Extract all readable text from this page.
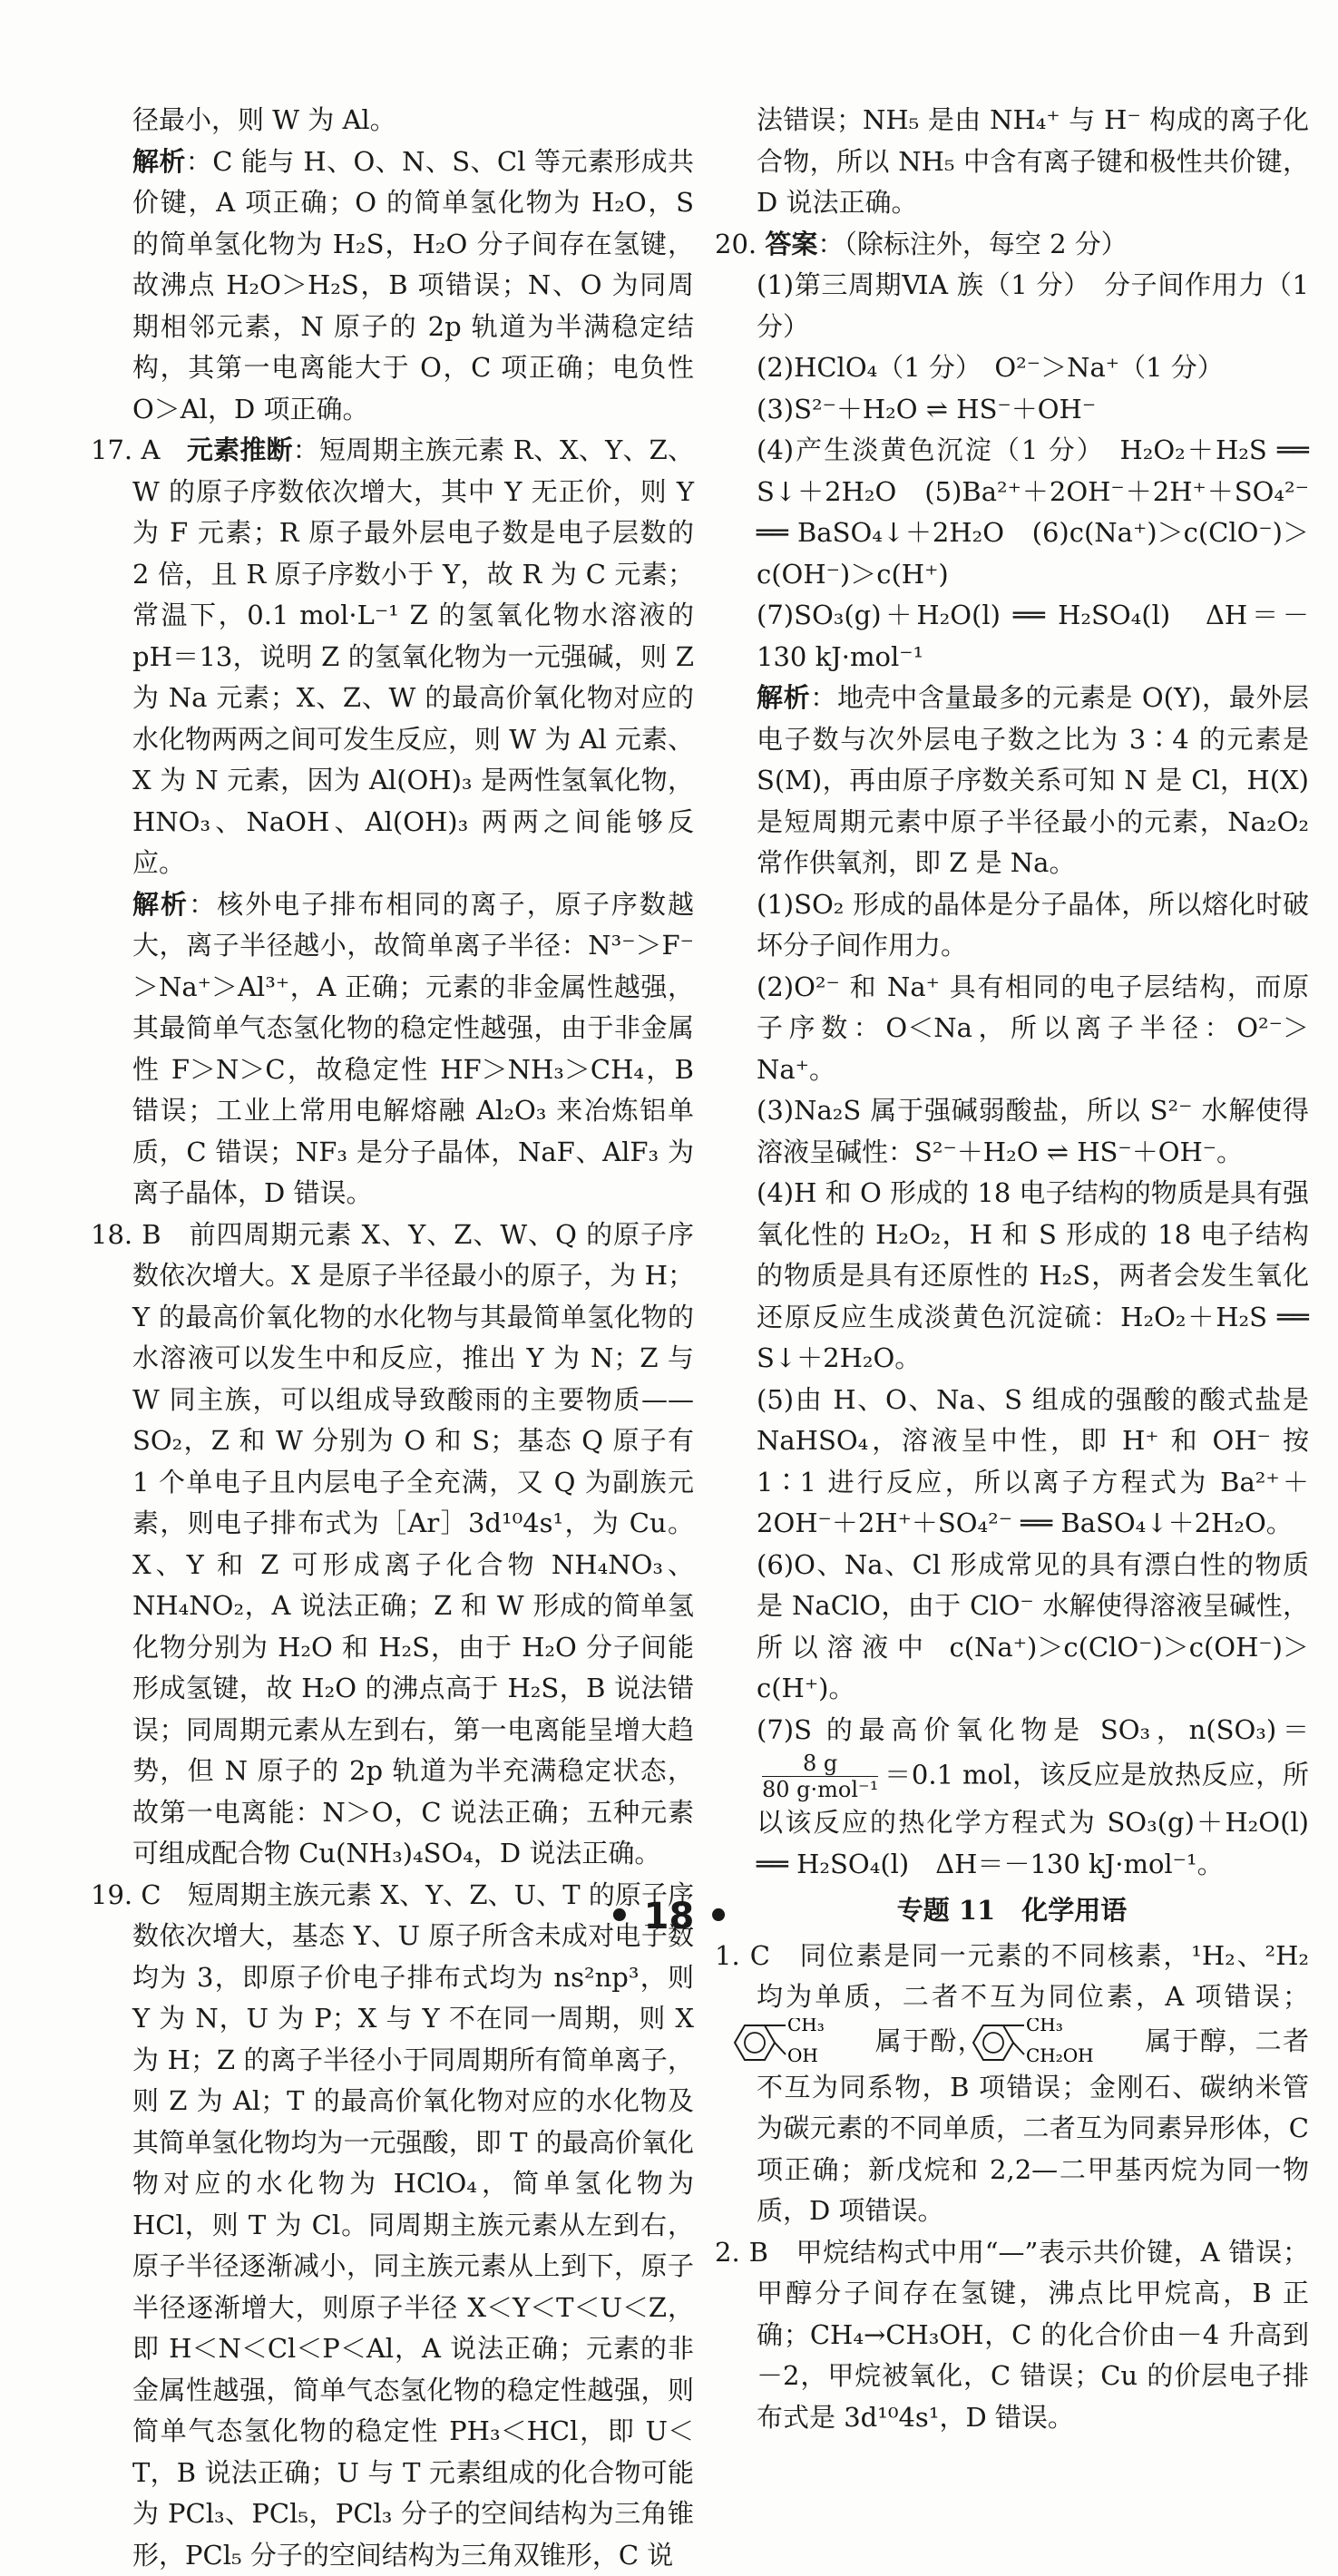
径最小，则 W 为 Al。

解析：C 能与 H、O、N、S、Cl 等元素形成共价键，A 项正确；O 的简单氢化物为 H₂O，S 的简单氢化物为 H₂S，H₂O 分子间存在氢键，故沸点 H₂O＞H₂S，B 项错误；N、O 为同周期相邻元素，N 原子的 2p 轨道为半满稳定结构，其第一电离能大于 O，C 项正确；电负性 O＞Al，D 项正确。

17. A　元素推断：短周期主族元素 R、X、Y、Z、W 的原子序数依次增大，其中 Y 无正价，则 Y 为 F 元素；R 原子最外层电子数是电子层数的 2 倍，且 R 原子序数小于 Y，故 R 为 C 元素；常温下，0.1 mol·L⁻¹ Z 的氢氧化物水溶液的 pH＝13，说明 Z 的氢氧化物为一元强碱，则 Z 为 Na 元素；X、Z、W 的最高价氧化物对应的水化物两两之间可发生反应，则 W 为 Al 元素、X 为 N 元素，因为 Al(OH)₃ 是两性氢氧化物，HNO₃、NaOH、Al(OH)₃ 两两之间能够反应。

解析：核外电子排布相同的离子，原子序数越大，离子半径越小，故简单离子半径：N³⁻＞F⁻＞Na⁺＞Al³⁺，A 正确；元素的非金属性越强，其最简单气态氢化物的稳定性越强，由于非金属性 F＞N＞C，故稳定性 HF＞NH₃＞CH₄，B 错误；工业上常用电解熔融 Al₂O₃ 来冶炼铝单质，C 错误；NF₃ 是分子晶体，NaF、AlF₃ 为离子晶体，D 错误。

18. B　前四周期元素 X、Y、Z、W、Q 的原子序数依次增大。X 是原子半径最小的原子，为 H；Y 的最高价氧化物的水化物与其最简单氢化物的水溶液可以发生中和反应，推出 Y 为 N；Z 与 W 同主族，可以组成导致酸雨的主要物质——SO₂，Z 和 W 分别为 O 和 S；基态 Q 原子有 1 个单电子且内层电子全充满，又 Q 为副族元素，则电子排布式为［Ar］3d¹⁰4s¹，为 Cu。X、Y 和 Z 可形成离子化合物 NH₄NO₃、NH₄NO₂，A 说法正确；Z 和 W 形成的简单氢化物分别为 H₂O 和 H₂S，由于 H₂O 分子间能形成氢键，故 H₂O 的沸点高于 H₂S，B 说法错误；同周期元素从左到右，第一电离能呈增大趋势，但 N 原子的 2p 轨道为半充满稳定状态，故第一电离能：N＞O，C 说法正确；五种元素可组成配合物 Cu(NH₃)₄SO₄，D 说法正确。

19. C　短周期主族元素 X、Y、Z、U、T 的原子序数依次增大，基态 Y、U 原子所含未成对电子数均为 3，即原子价电子排布式均为 ns²np³，则 Y 为 N，U 为 P；X 与 Y 不在同一周期，则 X 为 H；Z 的离子半径小于同周期所有简单离子，则 Z 为 Al；T 的最高价氧化物对应的水化物及其简单氢化物均为一元强酸，即 T 的最高价氧化物对应的水化物为 HClO₄，简单氢化物为 HCl，则 T 为 Cl。同周期主族元素从左到右，原子半径逐渐减小，同主族元素从上到下，原子半径逐渐增大，则原子半径 X＜Y＜T＜U＜Z，即 H＜N＜Cl＜P＜Al，A 说法正确；元素的非金属性越强，简单气态氢化物的稳定性越强，则简单气态氢化物的稳定性 PH₃＜HCl，即 U＜T，B 说法正确；U 与 T 元素组成的化合物可能为 PCl₃、PCl₅，PCl₃ 分子的空间结构为三角锥形，PCl₅ 分子的空间结构为三角双锥形，C 说

法错误；NH₅ 是由 NH₄⁺ 与 H⁻ 构成的离子化合物，所以 NH₅ 中含有离子键和极性共价键，D 说法正确。

20. 答案：（除标注外，每空 2 分）

(1)第三周期ⅥA 族（1 分）　分子间作用力（1 分）

(2)HClO₄（1 分）　O²⁻＞Na⁺（1 分）

(3)S²⁻＋H₂O ⇌ HS⁻＋OH⁻

(4)产生淡黄色沉淀（1 分）　H₂O₂＋H₂S ══ S↓＋2H₂O　(5)Ba²⁺＋2OH⁻＋2H⁺＋SO₄²⁻ ══ BaSO₄↓＋2H₂O　(6)c(Na⁺)＞c(ClO⁻)＞c(OH⁻)＞c(H⁺)

(7)SO₃(g)＋H₂O(l) ══ H₂SO₄(l)　ΔH＝－130 kJ·mol⁻¹

解析：地壳中含量最多的元素是 O(Y)，最外层电子数与次外层电子数之比为 3∶4 的元素是 S(M)，再由原子序数关系可知 N 是 Cl，H(X)是短周期元素中原子半径最小的元素，Na₂O₂ 常作供氧剂，即 Z 是 Na。

(1)SO₂ 形成的晶体是分子晶体，所以熔化时破坏分子间作用力。

(2)O²⁻ 和 Na⁺ 具有相同的电子层结构，而原子序数：O＜Na，所以离子半径：O²⁻＞Na⁺。

(3)Na₂S 属于强碱弱酸盐，所以 S²⁻ 水解使得溶液呈碱性：S²⁻＋H₂O ⇌ HS⁻＋OH⁻。

(4)H 和 O 形成的 18 电子结构的物质是具有强氧化性的 H₂O₂，H 和 S 形成的 18 电子结构的物质是具有还原性的 H₂S，两者会发生氧化还原反应生成淡黄色沉淀硫：H₂O₂＋H₂S ══ S↓＋2H₂O。

(5)由 H、O、Na、S 组成的强酸的酸式盐是 NaHSO₄，溶液呈中性，即 H⁺ 和 OH⁻ 按 1∶1 进行反应，所以离子方程式为 Ba²⁺＋2OH⁻＋2H⁺＋SO₄²⁻ ══ BaSO₄↓＋2H₂O。

(6)O、Na、Cl 形成常见的具有漂白性的物质是 NaClO，由于 ClO⁻ 水解使得溶液呈碱性，所以溶液中 c(Na⁺)＞c(ClO⁻)＞c(OH⁻)＞c(H⁺)。

(7)S 的最高价氧化物是 SO₃，n(SO₃)＝
$\frac{8 g}{\text{80 g·mol⁻¹}} =0.1$ mol，该反应是放热反应，所以该反应的热化学方程式为 SO₃(g)＋H₂O(l) ══ H₂SO₄(l)　ΔH＝－130 kJ·mol⁻¹。

专题 11　化学用语

1. C　同位素是同一元素的不同核素，¹H₂、²H₂ 均为单质，二者不互为同位素，A 项错误；
CH₃
OH 属于酚，
CH₃
CH₂OH 属于醇，二者不互为同系物，B 项错误；金刚石、碳纳米管为碳元素的不同单质，二者互为同素异形体，C 项正确；新戊烷和 2,2—二甲基丙烷为同一物质，D 项错误。

2. B　甲烷结构式中用“—”表示共价键，A 错误；甲醇分子间存在氢键，沸点比甲烷高，B 正确；CH₄→CH₃OH，C 的化合价由－4 升高到－2，甲烷被氧化，C 错误；Cu 的价层电子排布式是 3d¹⁰4s¹，D 错误。

• 18 •
